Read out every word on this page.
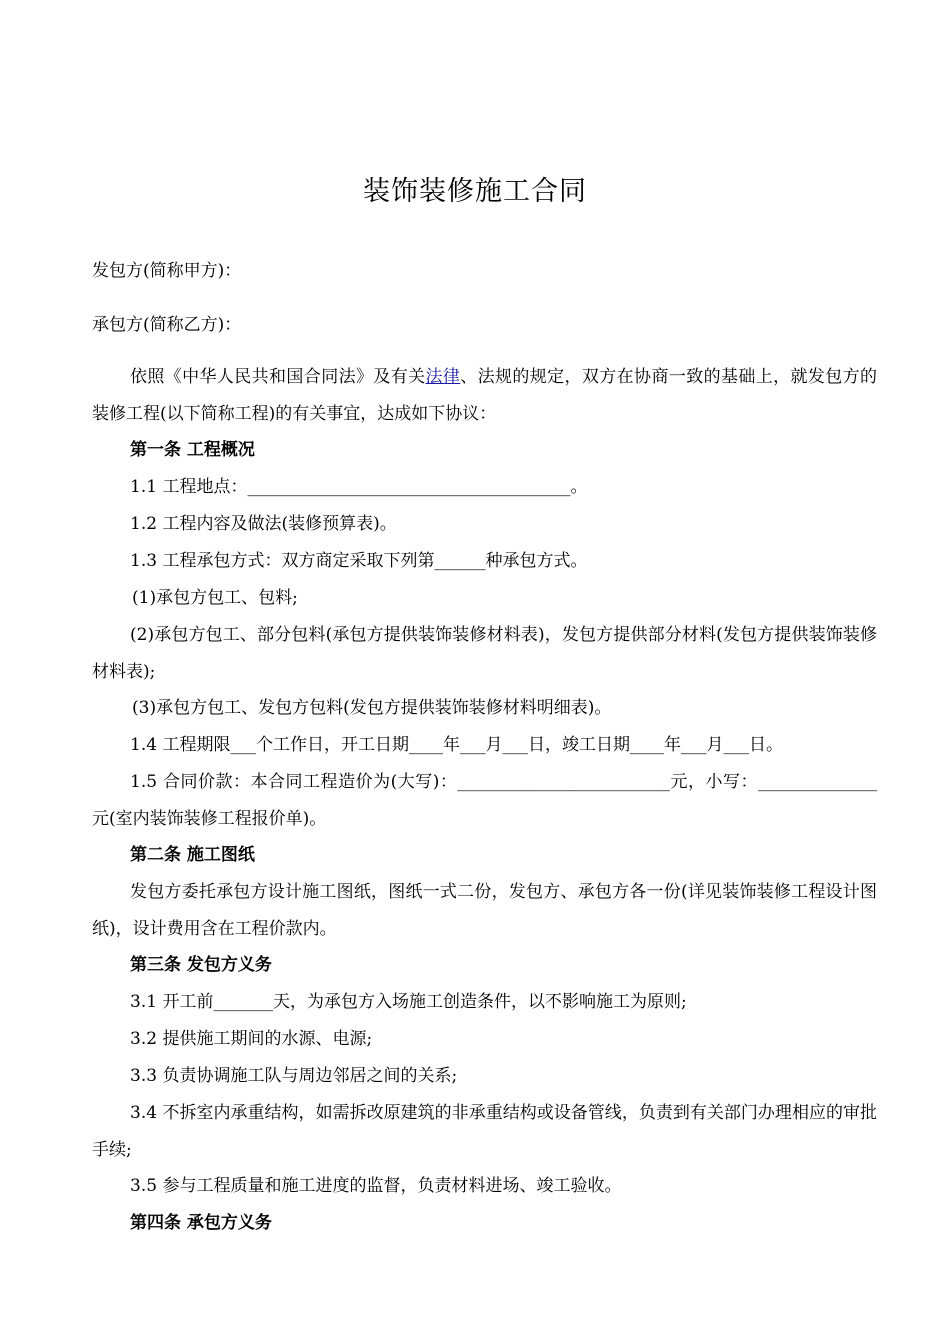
装饰装修施工合同
发包方(简称甲方)：
承包方(简称乙方)：
依照《中华人民共和国合同法》及有关法律、法规的规定，双方在协商一致的基础上，就发包方的装修工程(以下简称工程)的有关事宜，达成如下协议：
第一条 工程概况
1.1 工程地点：______________________________________。
1.2 工程内容及做法(装修预算表)。
1.3 工程承包方式：双方商定采取下列第______种承包方式。
(1)承包方包工、包料;
(2)承包方包工、部分包料(承包方提供装饰装修材料表)，发包方提供部分材料(发包方提供装饰装修材料表);
(3)承包方包工、发包方包料(发包方提供装饰装修材料明细表)。
1.4 工程期限___个工作日，开工日期____年___月___日，竣工日期____年___月___日。
1.5 合同价款：本合同工程造价为(大写)：_________________________元，小写：______________元(室内装饰装修工程报价单)。
第二条 施工图纸
发包方委托承包方设计施工图纸，图纸一式二份，发包方、承包方各一份(详见装饰装修工程设计图纸)，设计费用含在工程价款内。
第三条 发包方义务
3.1 开工前_______天，为承包方入场施工创造条件，以不影响施工为原则;
3.2 提供施工期间的水源、电源;
3.3 负责协调施工队与周边邻居之间的关系;
3.4 不拆室内承重结构，如需拆改原建筑的非承重结构或设备管线，负责到有关部门办理相应的审批手续;
3.5 参与工程质量和施工进度的监督，负责材料进场、竣工验收。
第四条 承包方义务
